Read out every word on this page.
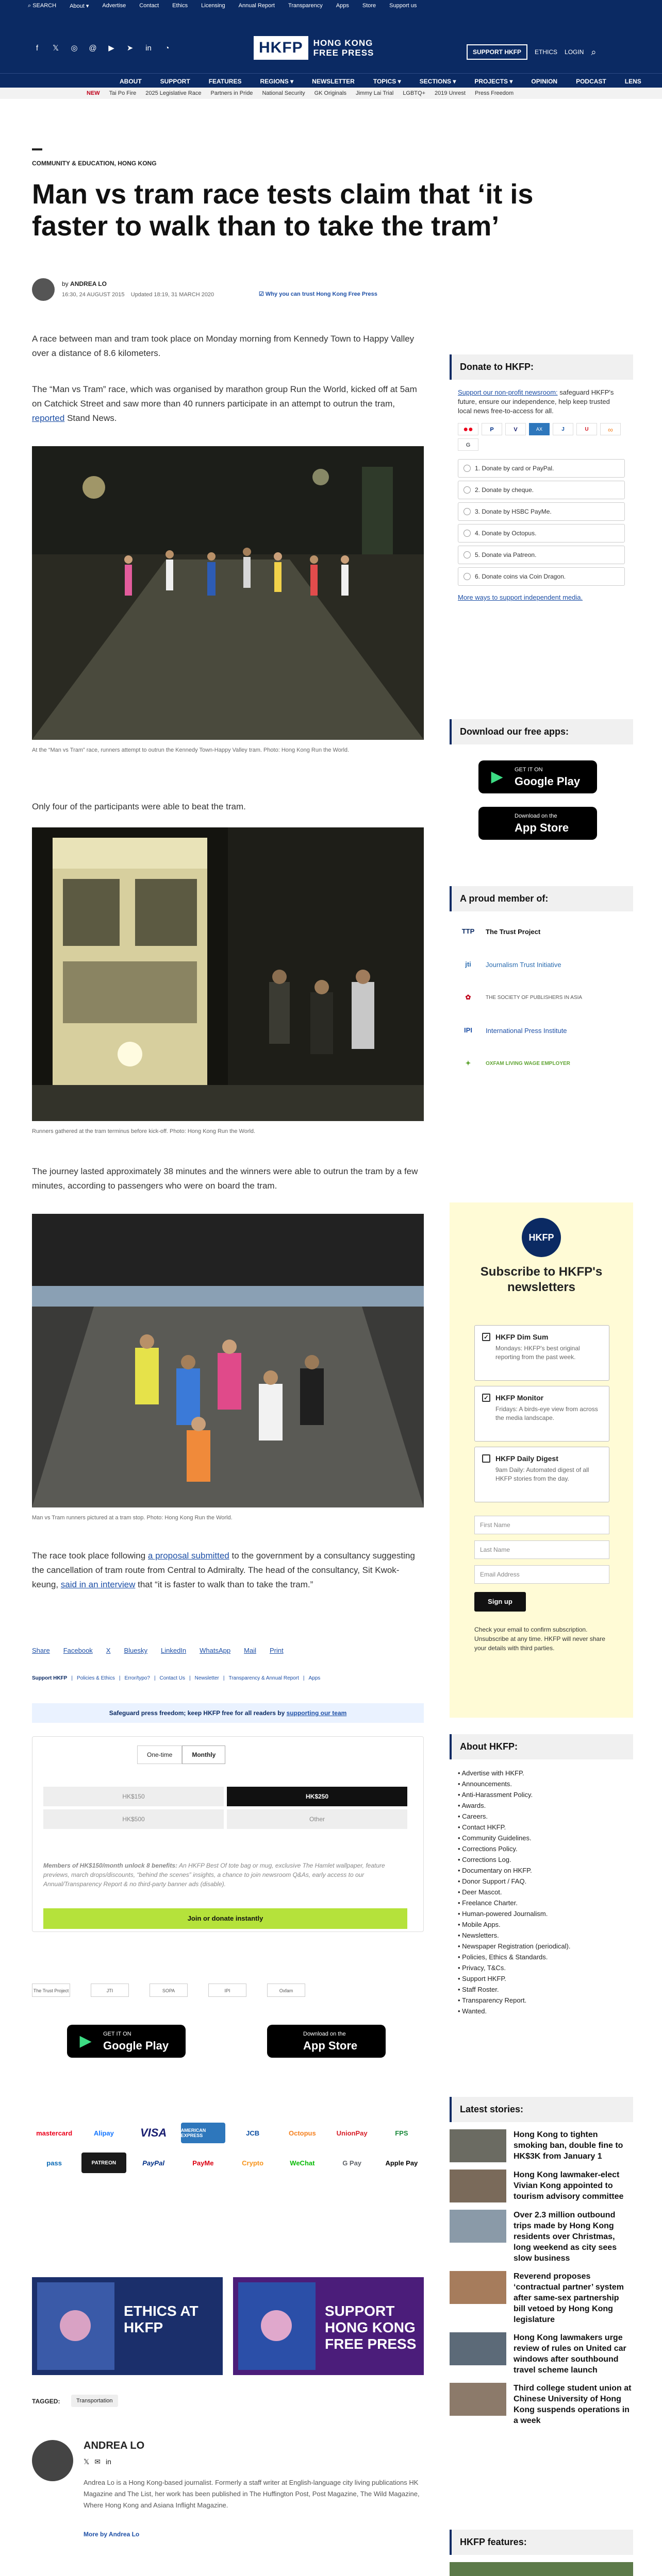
⌕ SEARCH About ▾ Advertise Contact Ethics Licensing Annual Report Transparency Apps Store Support us
f	𝕏 ◎ @ ▶ ➤ in	◔	HKFP	HONG KONG
FREE PRESS	SUPPORT HKFP	ETHICS LOGIN ⌕
ABOUT	SUPPORT	FEATURES	REGIONS ▾	NEWSLETTER	TOPICS ▾	SECTIONS ▾	PROJECTS ▾	OPINION	PODCAST	LENS
NEW Tai Po Fire 2025 Legislative Race Partners in Pride National Security GK Originals Jimmy Lai Trial LGBTQ+ 2019 Unrest Press Freedom
COMMUNITY & EDUCATION, HONG KONG
Man vs tram race tests claim that ‘it is faster to walk than to take the tram’
by ANDREA LO
16:30, 24 AUGUST 2015 Updated 18:19, 31 MARCH 2020	☑ Why you can trust Hong Kong Free Press

A race between man and tram took place on Monday morning from Kennedy Town to Happy Valley over a distance of 8.6 kilometers.

The “Man vs Tram” race, which was organised by marathon group Run the World, kicked off at 5am on Catchick Street and saw more than 40 runners participate in an attempt to outrun the tram, reported Stand News.

At the “Man vs Tram” race, runners attempt to outrun the Kennedy Town-Happy Valley tram. Photo: Hong Kong Run the World.

Only four of the participants were able to beat the tram.

Runners gathered at the tram terminus before kick-off. Photo: Hong Kong Run the World.

The journey lasted approximately 38 minutes and the winners were able to outrun the tram by a few minutes, according to passengers who were on board the tram.

Man vs Tram runners pictured at a tram stop. Photo: Hong Kong Run the World.

The race took place following a proposal submitted to the government by a consultancy suggesting the cancellation of tram route from Central to Admiralty. The head of the consultancy, Sit Kwok-keung, said in an interview that “it is faster to walk than to take the tram.”

Share Facebook X Bluesky LinkedIn WhatsApp Mail Print
Support HKFP | Policies & Ethics | Error/typo? | Contact Us | Newsletter | Transparency & Annual Report | Apps
Safeguard press freedom; keep HKFP free for all readers by supporting our team
One-time	Monthly
HK$150	HK$250
HK$500	Other

Members of HK$150/month unlock 8 benefits: An HKFP Best Of tote bag or mug, exclusive The Hamlet wallpaper, feature previews, march drops/discounts, “behind the scenes” insights, a chance to join newsroom Q&As, early access to our Annual/Transparency Report & no third-party banner ads (disable).

Join or donate instantly
The Trust Project	JTI	SOPA	IPI	Oxfam
▶	GET IT ON
Google Play
Download on the
App Store
mastercard	Alipay	VISA	AMERICAN EXPRESS	JCB	Octopus	UnionPay	FPS
pass	PATREON	PayPal	PayMe	Crypto	WeChat	G Pay	Apple Pay
ETHICS AT HKFP
SUPPORT HONG KONG FREE PRESS
TAGGED:	Transportation
ANDREA LO
𝕏 ✉ in

Andrea Lo is a Hong Kong-based journalist. Formerly a staff writer at English-language city living publications HK Magazine and The List, her work has been published in The Huffington Post, Post Magazine, The Wild Magazine, Where Hong Kong and Asiana Inflight Magazine.

More by Andrea Lo
Donate to HKFP:

Support our non-profit newsroom: safeguard HKFP's future, ensure our independence, help keep trusted local news free-to-access for all.

●●	P	V	AX	J	U	∞
G
1. Donate by card or PayPal.
2. Donate by cheque.
3. Donate by HSBC PayMe.
4. Donate by Octopus.
5. Donate via Patreon.
6. Donate coins via Coin Dragon.

More ways to support independent media.

Download our free apps:
▶	GET IT ON
Google Play
Download on the
App Store
A proud member of:
TTP	The Trust Project
jti	Journalism Trust Initiative
✿	THE SOCIETY OF PUBLISHERS IN ASIA
IPI	International Press Institute
✦	OXFAM LIVING WAGE EMPLOYER
HKFP
Subscribe to HKFP's newsletters
✓ HKFP Dim Sum
Mondays: HKFP's best original reporting from the past week.
✓ HKFP Monitor
Fridays: A birds-eye view from across the media landscape.
HKFP Daily Digest
9am Daily: Automated digest of all HKFP stories from the day.
First Name
Last Name
Email Address
Sign up

Check your email to confirm subscription. Unsubscribe at any time. HKFP will never share your details with third parties.

About HKFP:
• Advertise with HKFP.
• Announcements.
• Anti-Harassment Policy.
• Awards.
• Careers.
• Contact HKFP.
• Community Guidelines.
• Corrections Policy.
• Corrections Log.
• Documentary on HKFP.
• Donor Support / FAQ.
• Deer Mascot.
• Freelance Charter.
• Human-powered Journalism.
• Mobile Apps.
• Newsletters.
• Newspaper Registration (periodical).
• Policies, Ethics & Standards.
• Privacy, T&Cs.
• Support HKFP.
• Staff Roster.
• Transparency Report.
• Wanted.
Latest stories:
Hong Kong to tighten smoking ban, double fine to HK$3K from January 1
Hong Kong lawmaker-elect Vivian Kong appointed to tourism advisory committee
Over 2.3 million outbound trips made by Hong Kong residents over Christmas, long weekend as city sees slow business
Reverend proposes ‘contractual partner’ system after same-sex partnership bill vetoed by Hong Kong legislature
Hong Kong lawmakers urge review of rules on United car windows after southbound travel scheme launch
Third college student union at Chinese University of Hong Kong suspends operations in a week
HKFP features:
